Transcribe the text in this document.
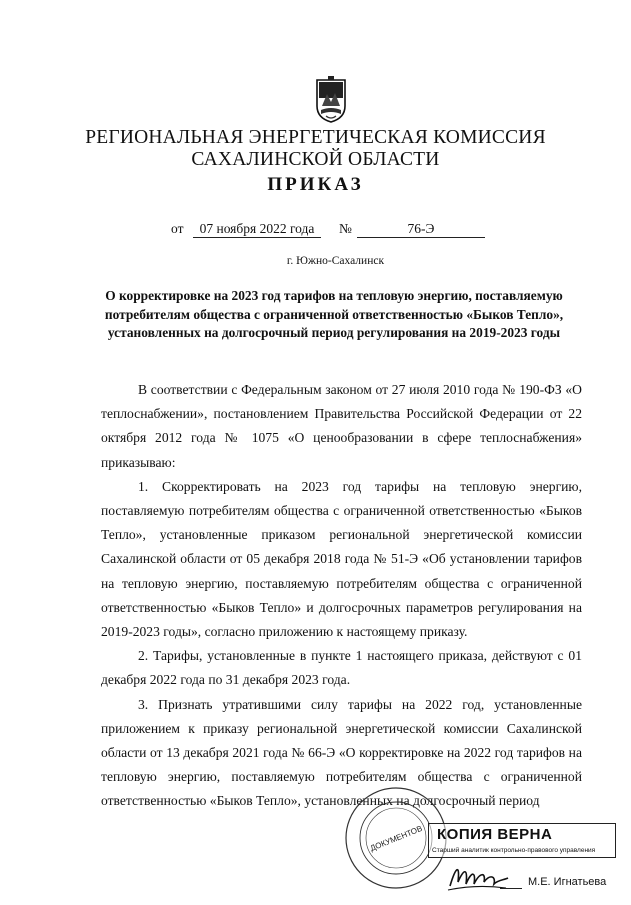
РЕГИОНАЛЬНАЯ ЭНЕРГЕТИЧЕСКАЯ КОМИССИЯ
САХАЛИНСКОЙ ОБЛАСТИ
ПРИКАЗ
от	07 ноября 2022 года	№	76-Э
г. Южно-Сахалинск
О корректировке на 2023 год тарифов на тепловую энергию, поставляемую потребителям общества с ограниченной ответственностью «Быков Тепло», установленных на долгосрочный период регулирования на 2019-2023 годы

В соответствии с Федеральным законом от 27 июля 2010 года № 190-ФЗ «О теплоснабжении», постановлением Правительства Российской Федерации от 22 октября 2012 года № 1075 «О ценообразовании в сфере теплоснабжения» приказываю:

1. Скорректировать на 2023 год тарифы на тепловую энергию, поставляемую потребителям общества с ограниченной ответственностью «Быков Тепло», установленные приказом региональной энергетической комиссии Сахалинской области от 05 декабря 2018 года № 51-Э «Об установлении тарифов на тепловую энергию, поставляемую потребителям общества с ограниченной ответственностью «Быков Тепло» и долгосрочных параметров регулирования на 2019-2023 годы», согласно приложению к настоящему приказу.

2. Тарифы, установленные в пункте 1 настоящего приказа, действуют с 01 декабря 2022 года по 31 декабря 2023 года.

3. Признать утратившими силу тарифы на 2022 год, установленные приложением к приказу региональной энергетической комиссии Сахалинской области от 13 декабря 2021 года № 66-Э «О корректировке на 2022 год тарифов на тепловую энергию, поставляемую потребителям общества с ограниченной ответственностью «Быков Тепло», установленных на долгосрочный период

ДОКУМЕНТОВ КОПИЯ ВЕРНА
Старший аналитик контрольно-правового управления
М.Е. Игнатьева
